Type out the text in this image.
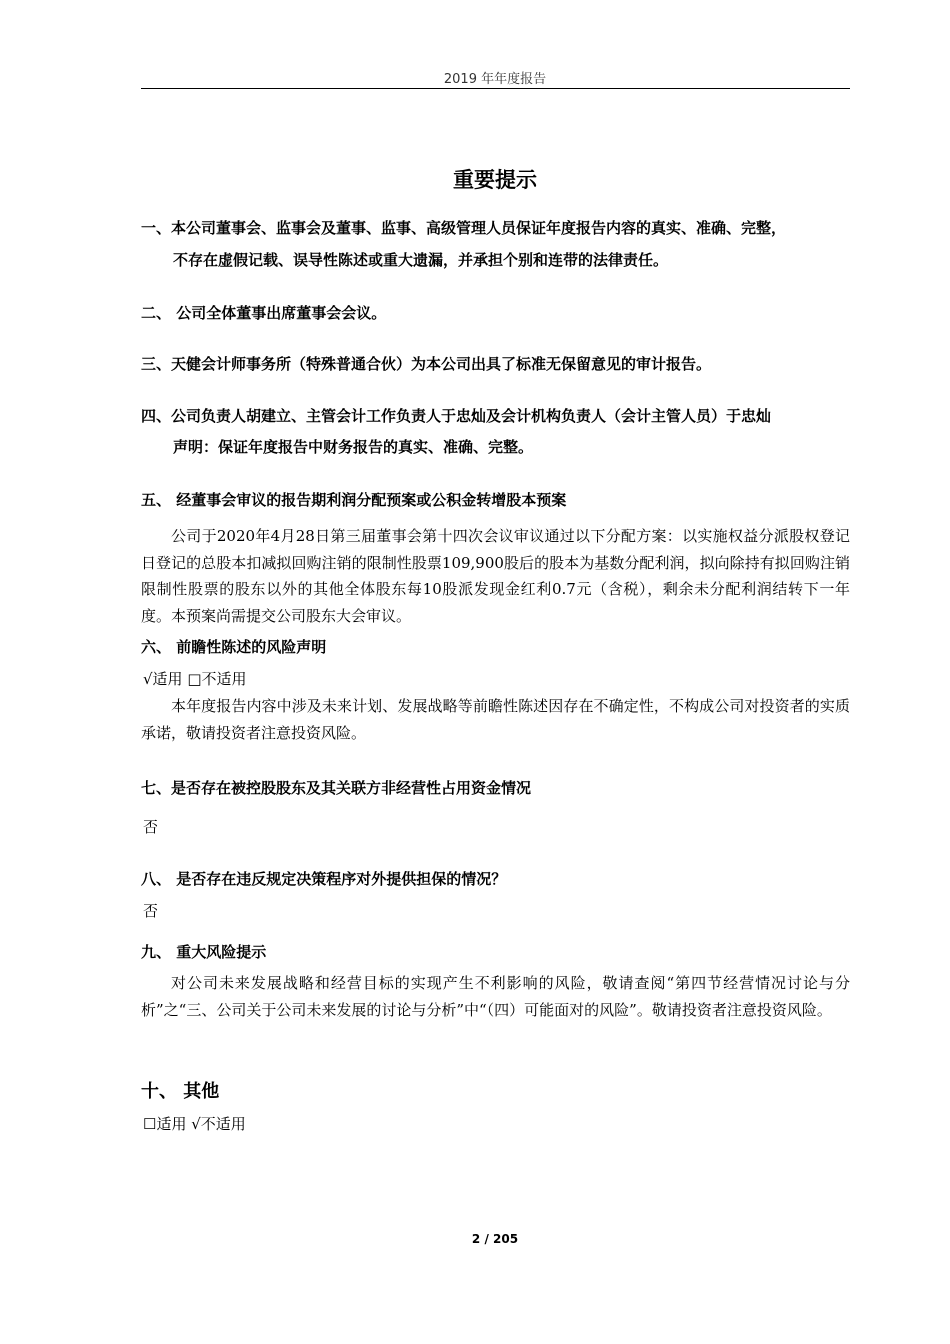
2019 年年度报告
重要提示
一、本公司董事会、监事会及董事、监事、高级管理人员保证年度报告内容的真实、准确、完整，
不存在虚假记载、误导性陈述或重大遗漏，并承担个别和连带的法律责任。
二、 公司全体董事出席董事会会议。
三、天健会计师事务所（特殊普通合伙）为本公司出具了标准无保留意见的审计报告。
四、公司负责人胡建立、主管会计工作负责人于忠灿及会计机构负责人（会计主管人员）于忠灿
声明：保证年度报告中财务报告的真实、准确、完整。
五、 经董事会审议的报告期利润分配预案或公积金转增股本预案
公司于2020年4月28日第三届董事会第十四次会议审议通过以下分配方案：以实施权益分派股权登记日登记的总股本扣减拟回购注销的限制性股票109,900股后的股本为基数分配利润，拟向除持有拟回购注销限制性股票的股东以外的其他全体股东每10股派发现金红利0.7元（含税），剩余未分配利润结转下一年度。本预案尚需提交公司股东大会审议。
六、 前瞻性陈述的风险声明
√适用 □不适用
本年度报告内容中涉及未来计划、发展战略等前瞻性陈述因存在不确定性，不构成公司对投资者的实质承诺，敬请投资者注意投资风险。
七、是否存在被控股股东及其关联方非经营性占用资金情况
否
八、 是否存在违反规定决策程序对外提供担保的情况？
否
九、 重大风险提示
对公司未来发展战略和经营目标的实现产生不利影响的风险，敬请查阅“第四节经营情况讨论与分析”之“三、公司关于公司未来发展的讨论与分析”中“（四）可能面对的风险”。敬请投资者注意投资风险。
十、 其他
☐适用 √不适用
2 / 205
